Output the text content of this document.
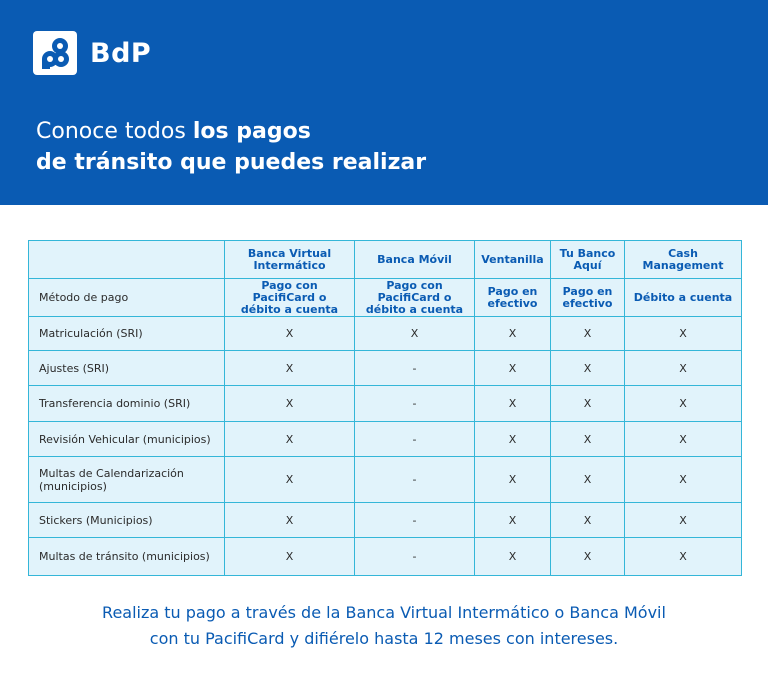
BdP
Conoce todos los pagos
de tránsito que puedes realizar
	Banca Virtual Intermático	Banca Móvil	Ventanilla	Tu Banco Aquí	Cash Management
Método de pago	Pago con PacifiCard o débito a cuenta	Pago con PacifiCard o débito a cuenta	Pago en efectivo	Pago en efectivo	Débito a cuenta
Matriculación (SRI)	X	X	X	X	X
Ajustes (SRI)	X	-	X	X	X
Transferencia dominio (SRI)	X	-	X	X	X
Revisión Vehicular (municipios)	X	-	X	X	X
Multas de Calendarización (municipios)	X	-	X	X	X
Stickers (Municipios)	X	-	X	X	X
Multas de tránsito (municipios)	X	-	X	X	X
Realiza tu pago a través de la Banca Virtual Intermático o Banca Móvil
con tu PacifiCard y difiérelo hasta 12 meses con intereses.
